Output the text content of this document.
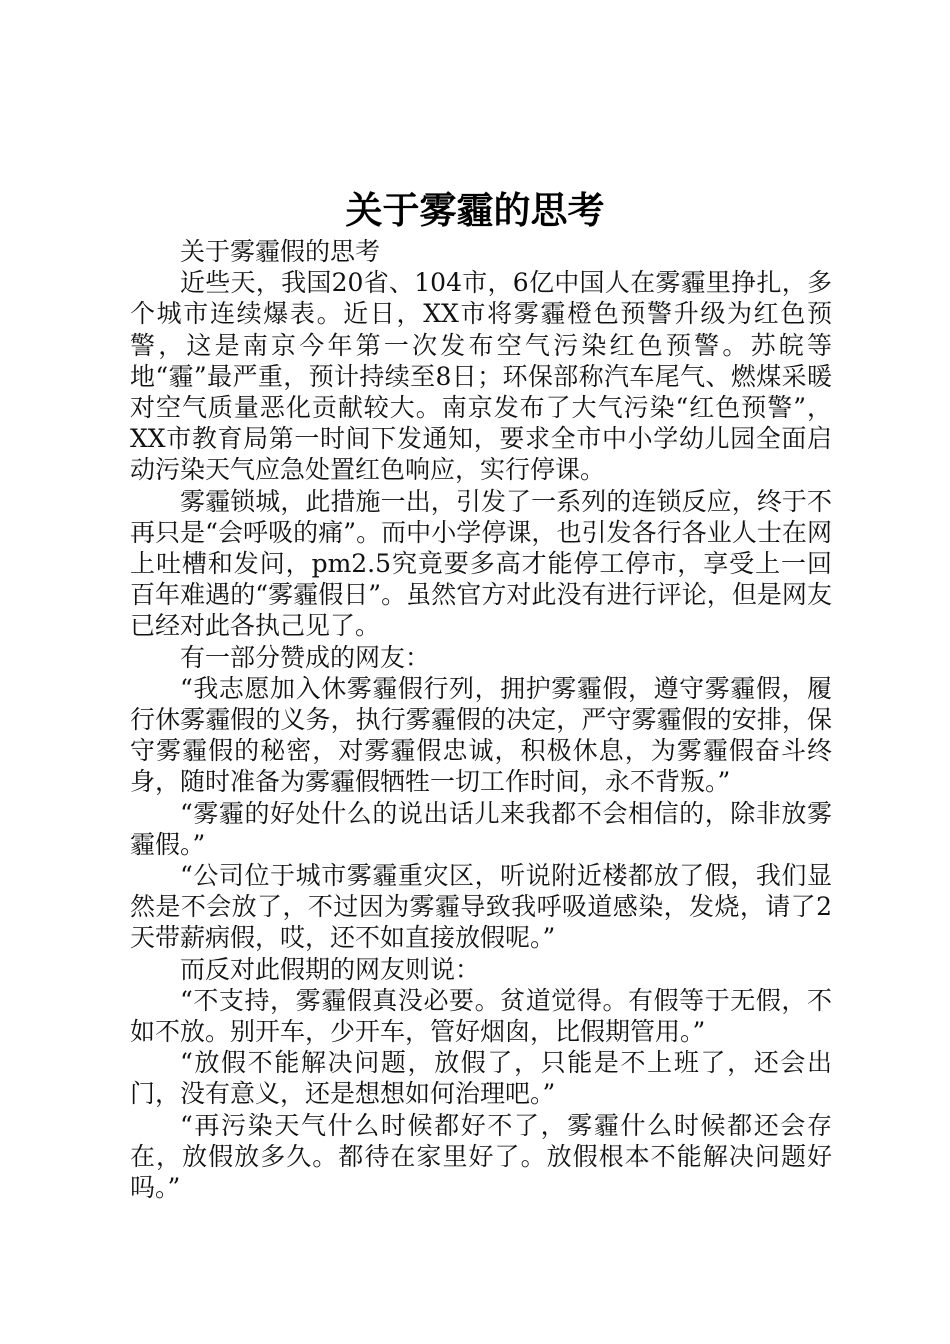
关于雾霾的思考

关于雾霾假的思考

近些天，我国20省、104市，6亿中国人在雾霾里挣扎，多个城市连续爆表。近日，XX市将雾霾橙色预警升级为红色预警，这是南京今年第一次发布空气污染红色预警。苏皖等地“霾”最严重，预计持续至8日；环保部称汽车尾气、燃煤采暖对空气质量恶化贡献较大。南京发布了大气污染“红色预警”，XX市教育局第一时间下发通知，要求全市中小学幼儿园全面启动污染天气应急处置红色响应，实行停课。

雾霾锁城，此措施一出，引发了一系列的连锁反应，终于不再只是“会呼吸的痛”。而中小学停课，也引发各行各业人士在网上吐槽和发问，pm2.5究竟要多高才能停工停市，享受上一回百年难遇的“雾霾假日”。虽然官方对此没有进行评论，但是网友已经对此各执己见了。

有一部分赞成的网友：

“我志愿加入休雾霾假行列，拥护雾霾假，遵守雾霾假，履行休雾霾假的义务，执行雾霾假的决定，严守雾霾假的安排，保守雾霾假的秘密，对雾霾假忠诚，积极休息，为雾霾假奋斗终身，随时准备为雾霾假牺牲一切工作时间，永不背叛。”

“雾霾的好处什么的说出话儿来我都不会相信的，除非放雾霾假。”

“公司位于城市雾霾重灾区，听说附近楼都放了假，我们显然是不会放了，不过因为雾霾导致我呼吸道感染，发烧，请了2天带薪病假，哎，还不如直接放假呢。”

而反对此假期的网友则说：

“不支持，雾霾假真没必要。贫道觉得。有假等于无假，不如不放。别开车，少开车，管好烟囱，比假期管用。”

“放假不能解决问题，放假了，只能是不上班了，还会出门，没有意义，还是想想如何治理吧。”

“再污染天气什么时候都好不了，雾霾什么时候都还会存在，放假放多久。都待在家里好了。放假根本不能解决问题好吗。”
